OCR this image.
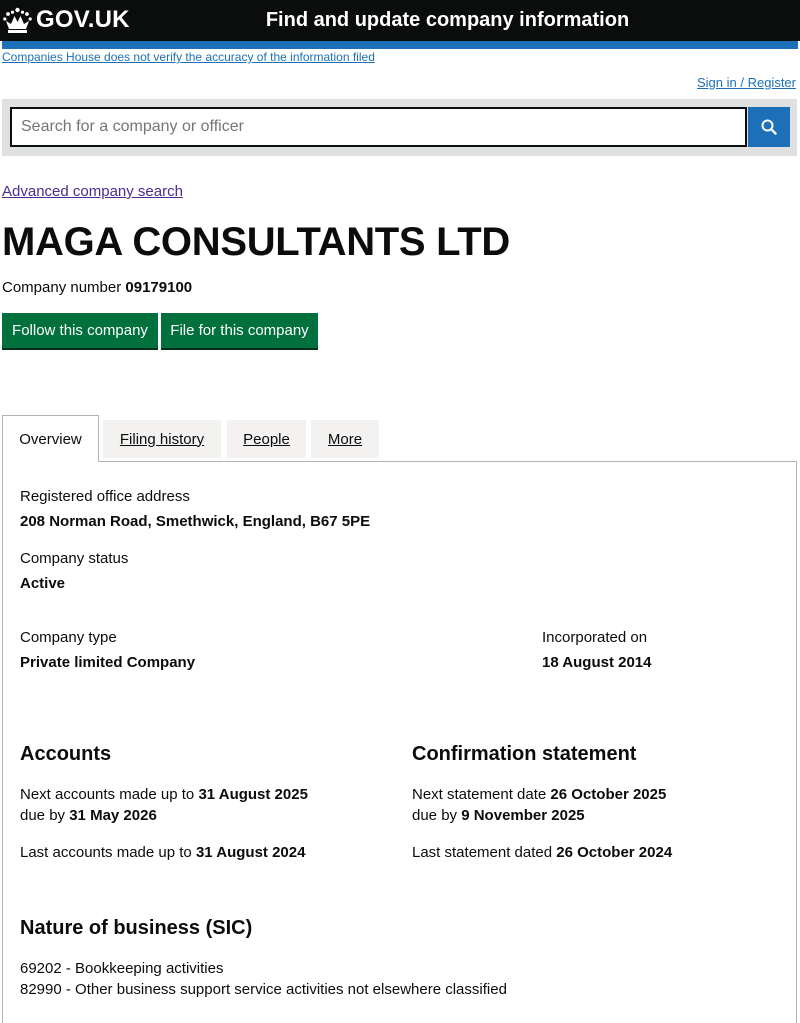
GOV.UK	Find and update company information
Companies House does not verify the accuracy of the information filed
Sign in / Register
Search for a company or officer
Advanced company search
MAGA CONSULTANTS LTD
Company number 09179100
Follow this company	File for this company
Overview	Filing history	People	More
Registered office address
208 Norman Road, Smethwick, England, B67 5PE
Company status
Active
Company type
Private limited Company
Incorporated on
18 August 2014
Accounts
Next accounts made up to 31 August 2025
due by 31 May 2026
Last accounts made up to 31 August 2024
Confirmation statement
Next statement date 26 October 2025
due by 9 November 2025
Last statement dated 26 October 2024
Nature of business (SIC)
69202 - Bookkeeping activities
82990 - Other business support service activities not elsewhere classified
